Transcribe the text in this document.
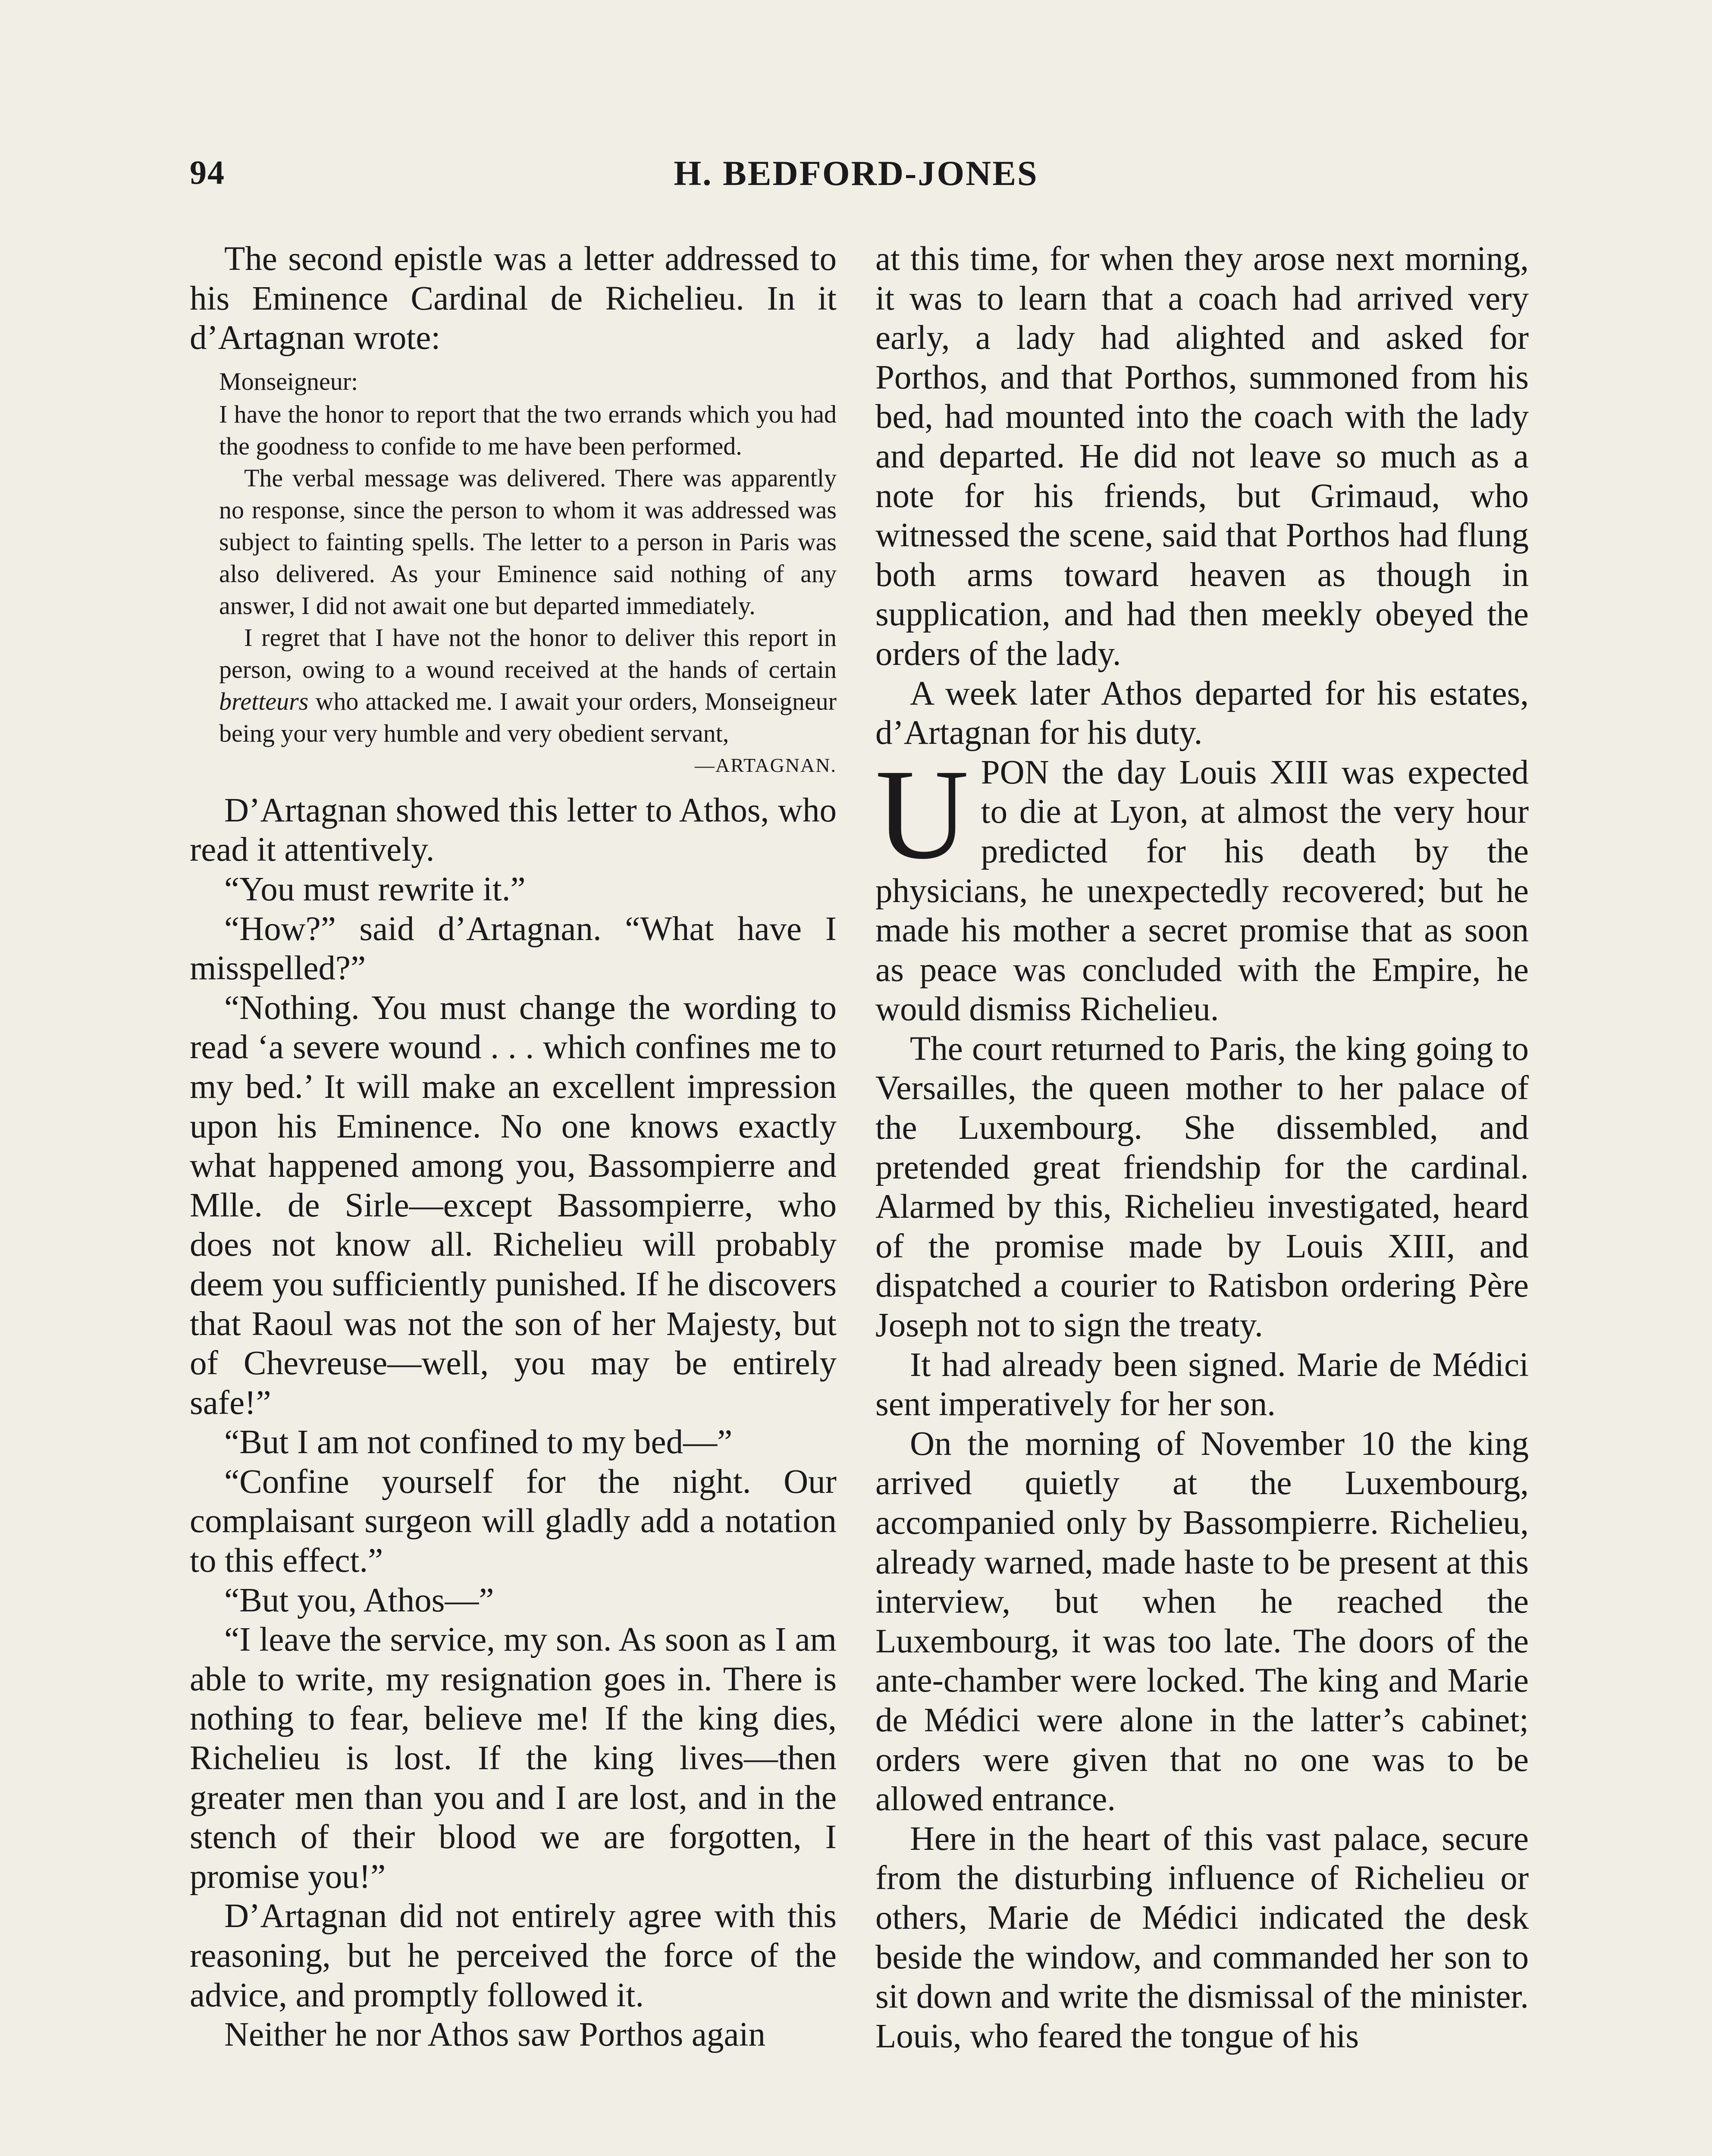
94	H. BEDFORD-JONES

The second epistle was a letter addressed to his Eminence Cardinal de Richelieu. In it d’Artagnan wrote:

Monseigneur:

I have the honor to report that the two errands which you had the goodness to confide to me have been performed.

The verbal message was delivered. There was apparently no response, since the person to whom it was addressed was subject to fainting spells. The letter to a person in Paris was also delivered. As your Eminence said nothing of any answer, I did not await one but departed immediately.

I regret that I have not the honor to deliver this report in person, owing to a wound received at the hands of certain bretteurs who attacked me. I await your orders, Monseigneur being your very humble and very obedient servant,
—ARTAGNAN.

D’Artagnan showed this letter to Athos, who read it attentively.

“You must rewrite it.”

“How?” said d’Artagnan. “What have I misspelled?”

“Nothing. You must change the wording to read ‘a severe wound . . . which confines me to my bed.’ It will make an excellent impression upon his Eminence. No one knows exactly what happened among you, Bassompierre and Mlle. de Sirle—except Bassompierre, who does not know all. Richelieu will probably deem you sufficiently punished. If he discovers that Raoul was not the son of her Majesty, but of Chevreuse—well, you may be entirely safe!”

“But I am not confined to my bed—”

“Confine yourself for the night. Our complaisant surgeon will gladly add a notation to this effect.”

“But you, Athos—”

“I leave the service, my son. As soon as I am able to write, my resignation goes in. There is nothing to fear, believe me! If the king dies, Richelieu is lost. If the king lives—then greater men than you and I are lost, and in the stench of their blood we are forgotten, I promise you!”

D’Artagnan did not entirely agree with this reasoning, but he perceived the force of the advice, and promptly followed it.

Neither he nor Athos saw Porthos again

at this time, for when they arose next morning, it was to learn that a coach had arrived very early, a lady had alighted and asked for Porthos, and that Porthos, summoned from his bed, had mounted into the coach with the lady and departed. He did not leave so much as a note for his friends, but Grimaud, who witnessed the scene, said that Porthos had flung both arms toward heaven as though in supplication, and had then meekly obeyed the orders of the lady.

A week later Athos departed for his estates, d’Artagnan for his duty.

UPON the day Louis XIII was expected to die at Lyon, at almost the very hour predicted for his death by the physicians, he unexpectedly recovered; but he made his mother a secret promise that as soon as peace was concluded with the Empire, he would dismiss Richelieu.

The court returned to Paris, the king going to Versailles, the queen mother to her palace of the Luxembourg. She dissembled, and pretended great friendship for the cardinal. Alarmed by this, Richelieu investigated, heard of the promise made by Louis XIII, and dispatched a courier to Ratisbon ordering Père Joseph not to sign the treaty.

It had already been signed. Marie de Médici sent imperatively for her son.

On the morning of November 10 the king arrived quietly at the Luxembourg, accompanied only by Bassompierre. Richelieu, already warned, made haste to be present at this interview, but when he reached the Luxembourg, it was too late. The doors of the ante-chamber were locked. The king and Marie de Médici were alone in the latter’s cabinet; orders were given that no one was to be allowed entrance.

Here in the heart of this vast palace, secure from the disturbing influence of Richelieu or others, Marie de Médici indicated the desk beside the window, and commanded her son to sit down and write the dismissal of the minister. Louis, who feared the tongue of his
